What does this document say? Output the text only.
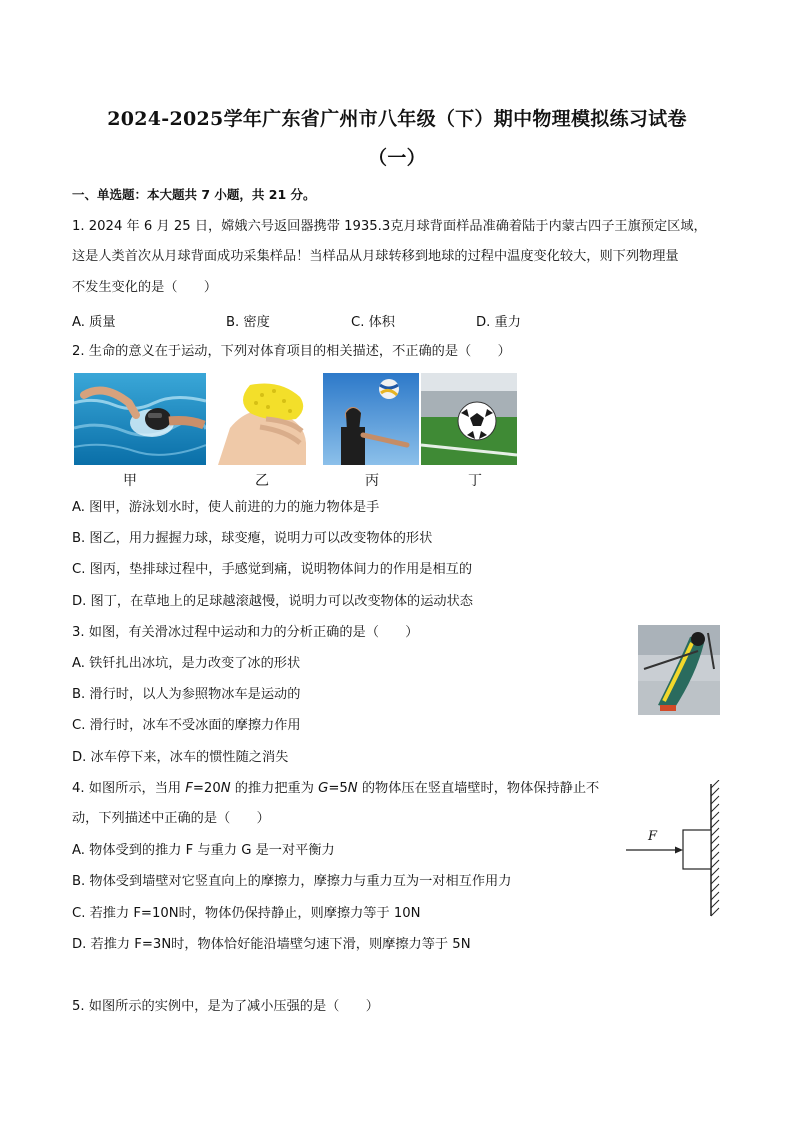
2024-2025学年广东省广州市八年级（下）期中物理模拟练习试卷
（一）
一、单选题：本大题共 7 小题，共 21 分。
1. 2024 年 6 月 25 日，嫦娥六号返回器携带 1935.3克月球背面样品准确着陆于内蒙古四子王旗预定区域，
这是人类首次从月球背面成功采集样品！当样品从月球转移到地球的过程中温度变化较大，则下列物理量
不发生变化的是（　　）
A. 质量	B. 密度	C. 体积	D. 重力
2. 生命的意义在于运动，下列对体育项目的相关描述，不正确的是（　　）
甲	乙	丙	丁
A. 图甲，游泳划水时，使人前进的力的施力物体是手
B. 图乙，用力握握力球，球变瘪，说明力可以改变物体的形状
C. 图丙，垫排球过程中，手感觉到痛，说明物体间力的作用是相互的
D. 图丁，在草地上的足球越滚越慢，说明力可以改变物体的运动状态
3. 如图，有关滑冰过程中运动和力的分析正确的是（　　）
A. 铁钎扎出冰坑，是力改变了冰的形状
B. 滑行时，以人为参照物冰车是运动的
C. 滑行时，冰车不受冰面的摩擦力作用
D. 冰车停下来，冰车的惯性随之消失
4. 如图所示，当用 F=20N 的推力把重为 G=5N 的物体压在竖直墙壁时，物体保持静止不
动，下列描述中正确的是（　　）
A. 物体受到的推力 F 与重力 G 是一对平衡力
B. 物体受到墙壁对它竖直向上的摩擦力，摩擦力与重力互为一对相互作用力
C. 若推力 F=10N时，物体仍保持静止，则摩擦力等于 10N
D. 若推力 F=3N时，物体恰好能沿墙壁匀速下滑，则摩擦力等于 5N
F
5. 如图所示的实例中，是为了减小压强的是（　　）
